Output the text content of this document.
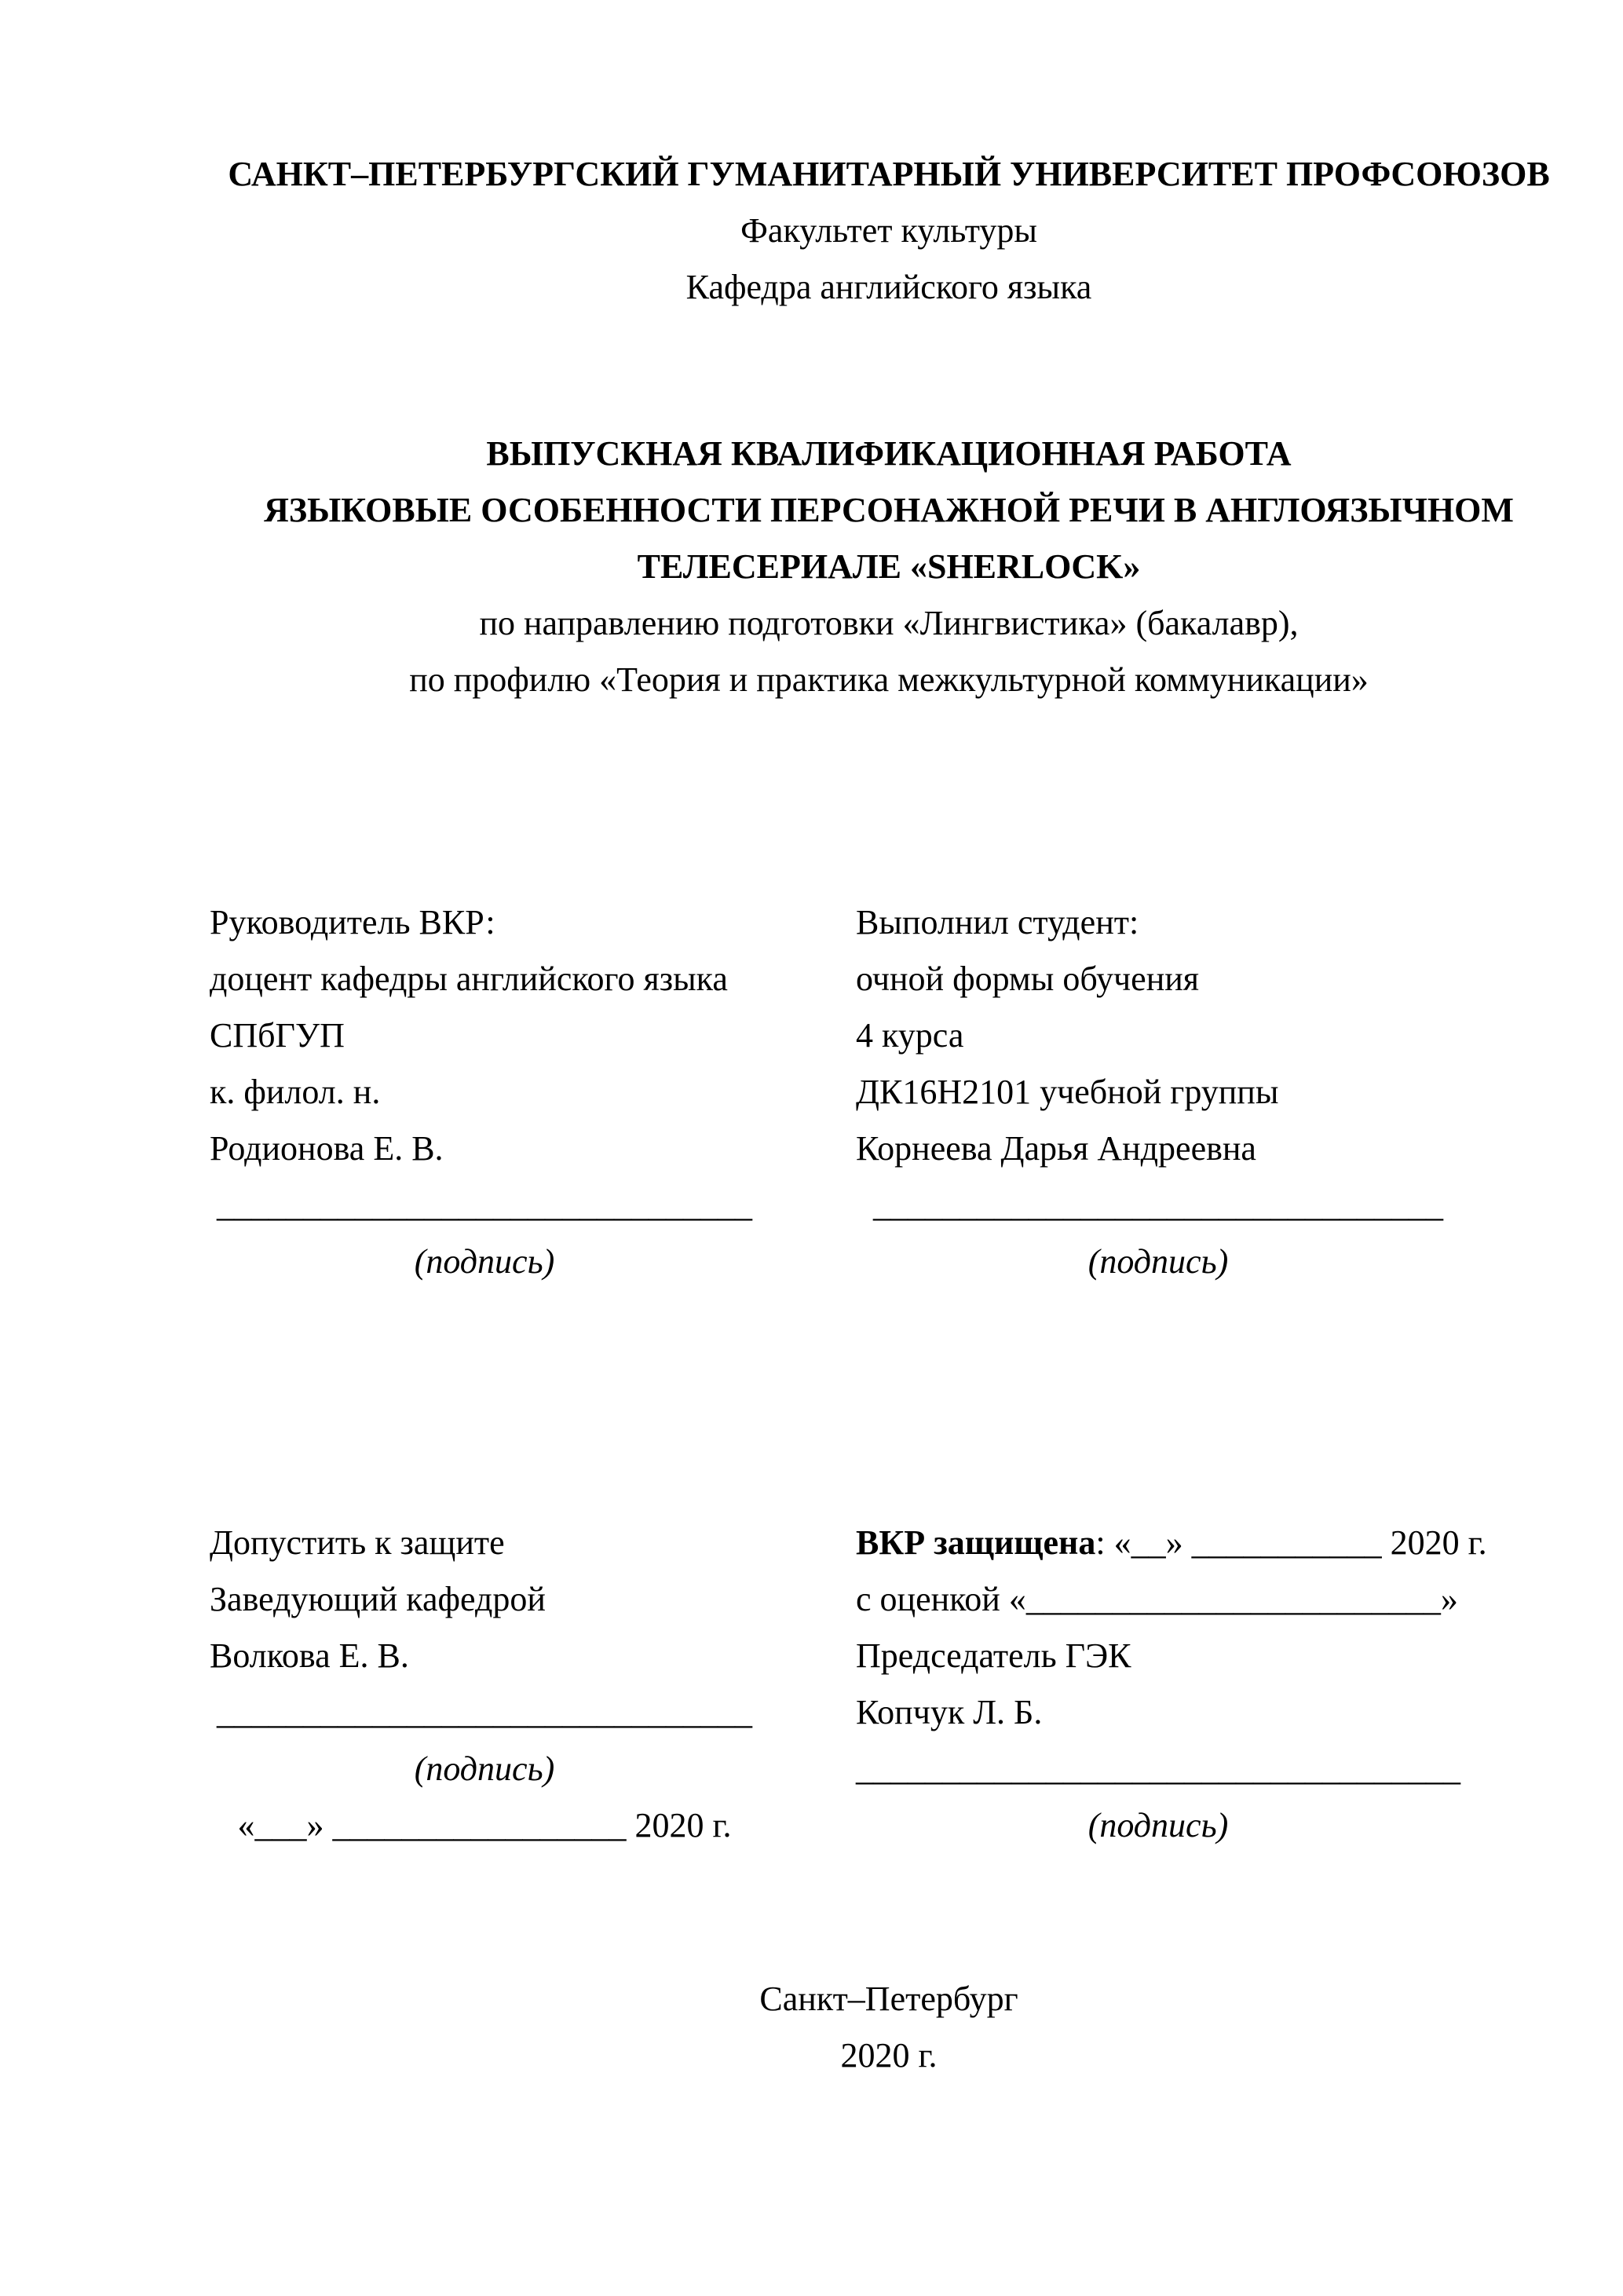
САНКТ–ПЕТЕРБУРГСКИЙ ГУМАНИТАРНЫЙ УНИВЕРСИТЕТ ПРОФСОЮЗОВ
Факультет культуры
Кафедра английского языка
ВЫПУСКНАЯ КВАЛИФИКАЦИОННАЯ РАБОТА
ЯЗЫКОВЫЕ ОСОБЕННОСТИ ПЕРСОНАЖНОЙ РЕЧИ В АНГЛОЯЗЫЧНОМ
ТЕЛЕСЕРИАЛЕ «SHERLOCK»
по направлению подготовки «Лингвистика» (бакалавр),
по профилю «Теория и практика межкультурной коммуникации»
Руководитель ВКР:
доцент кафедры английского языка
СПбГУП
к. филол. н.
Родионова Е. В.
_______________________________
(подпись)
Выполнил студент:
очной формы обучения
4 курса
ДК16Н2101 учебной группы
Корнеева Дарья Андреевна
_________________________________
(подпись)
Допустить к защите
Заведующий кафедрой
Волкова Е. В.
_______________________________
(подпись)
«___» _________________ 2020 г.
ВКР защищена: «__» ___________ 2020 г.
с оценкой «________________________»
Председатель ГЭК
Копчук Л. Б.
___________________________________
(подпись)
Санкт–Петербург
2020 г.
